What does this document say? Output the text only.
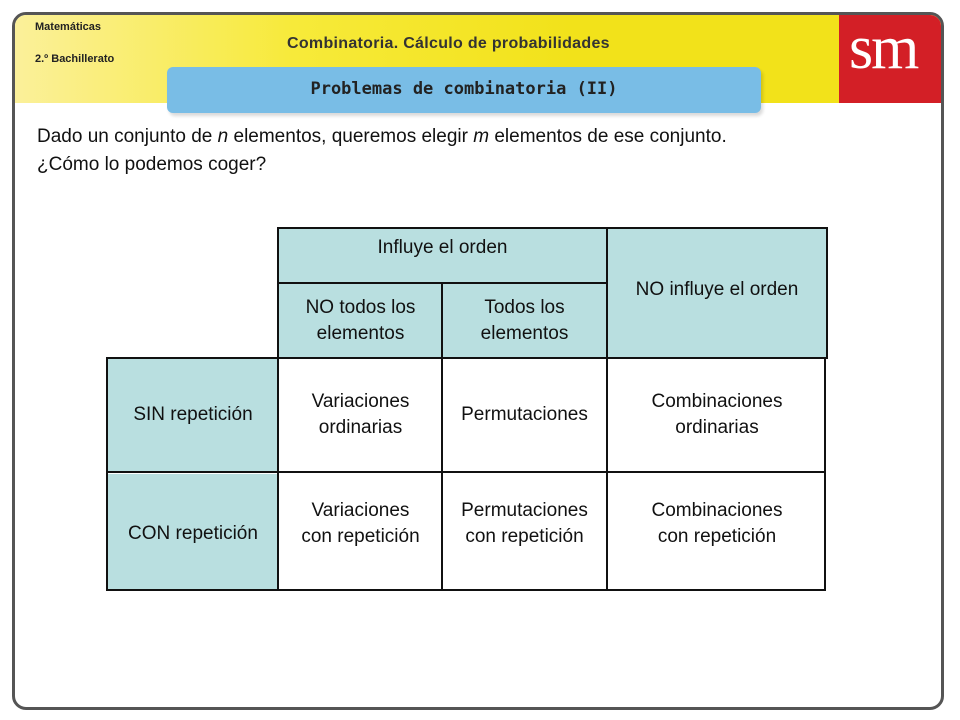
Matemáticas
2.º Bachillerato
Combinatoria. Cálculo de probabilidades	sm
Problemas de combinatoria (II)
Dado un conjunto de n elementos, queremos elegir m elementos de ese conjunto.
¿Cómo lo podemos coger?
Influye el orden
NO influye el orden
NO todos los
elementos
Todos los
elementos
SIN repetición
CON repetición
Variaciones
ordinarias
Permutaciones
Combinaciones
ordinarias
Variaciones
con repetición
Permutaciones
con repetición
Combinaciones
con repetición
